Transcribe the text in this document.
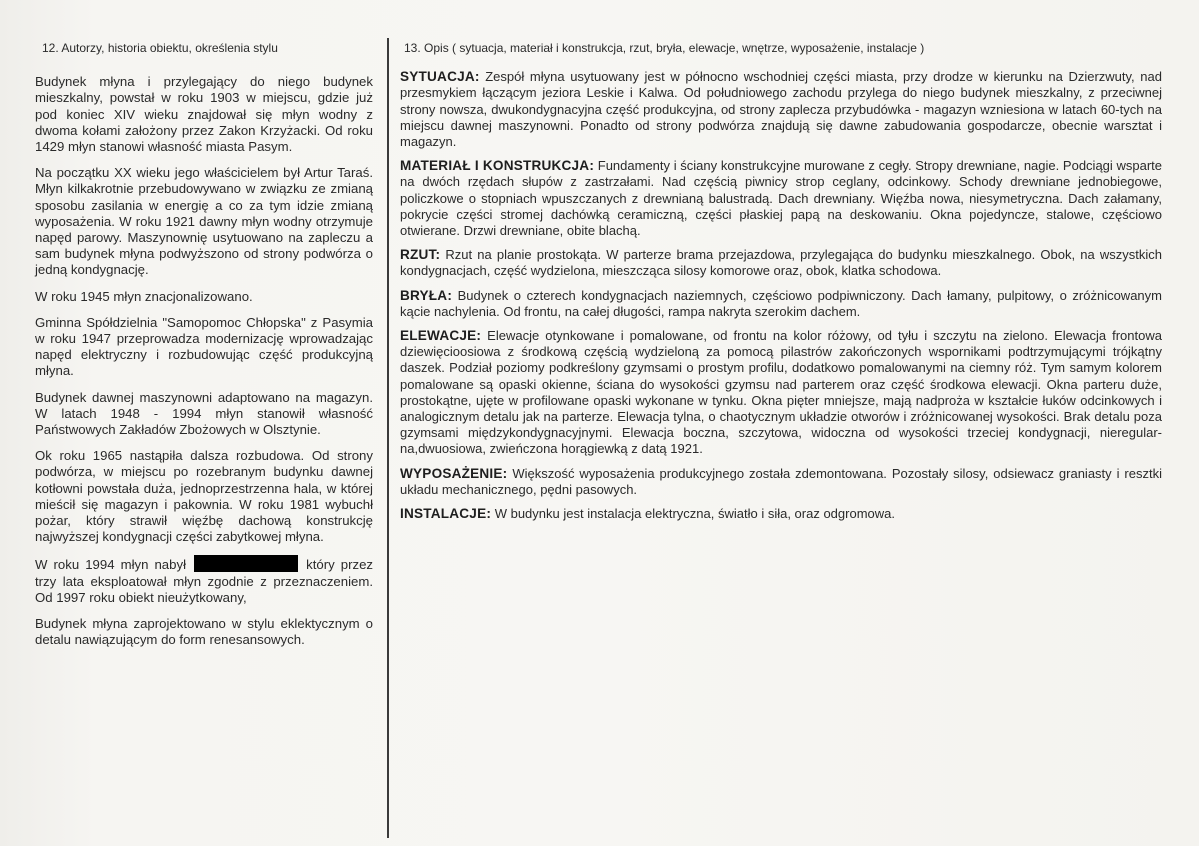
12. Autorzy, historia obiektu, określenia stylu

Budynek młyna i przylegający do niego budynek mieszkalny, powstał w roku 1903 w miejscu, gdzie już pod koniec XIV wieku znajdował się młyn wodny z dwoma kołami założony przez Zakon Krzyżacki. Od roku 1429 młyn stanowi własność miasta Pasym.

Na początku XX wieku jego właścicielem był Artur Taraś. Młyn kilkakrotnie przebudowywano w związku ze zmianą sposobu zasilania w energię a co za tym idzie zmianą wyposażenia. W roku 1921 dawny młyn wodny otrzymuje napęd parowy. Maszynownię usytuowano na zapleczu a sam budynek młyna podwyższono od strony podwórza o jedną kondygnację.

W roku 1945 młyn znacjonalizowano.

Gminna Spółdzielnia "Samopomoc Chłopska" z Pasymia w roku 1947 przeprowadza modernizację wprowadzając napęd elektryczny i rozbudowując część produkcyjną młyna.

Budynek dawnej maszynowni adaptowano na magazyn. W latach 1948 - 1994 młyn stanowił własność Państwowych Zakładów Zbożowych w Olsztynie.

Ok roku 1965 nastąpiła dalsza rozbudowa. Od strony podwórza, w miejscu po rozebranym budynku dawnej kotłowni powstała duża, jednoprzestrzenna hala, w której mieścił się magazyn i pakownia. W roku 1981 wybuchł pożar, który strawił więźbę dachową konstrukcję najwyższej kondygnacji części zabytkowej młyna.

W roku 1994 młyn nabył	który przez trzy lata eksploatował młyn zgodnie z przeznaczeniem. Od 1997 roku obiekt nieużytkowany,

Budynek młyna zaprojektowano w stylu eklektycznym o detalu nawiązującym do form renesansowych.

13. Opis ( sytuacja, materiał i konstrukcja, rzut, bryła, elewacje, wnętrze, wyposażenie, instalacje )

SYTUACJA: Zespół młyna usytuowany jest w północno wschodniej części miasta, przy drodze w kierunku na Dzierzwuty, nad przesmykiem łączącym jeziora Leskie i Kalwa. Od południowego zachodu przylega do niego budynek mieszkalny, z przeciwnej strony nowsza, dwukondygnacyjna część produkcyjna, od strony zaplecza przybudówka - magazyn wzniesiona w latach 60-tych na miejscu dawnej maszynowni. Ponadto od strony podwórza znajdują się dawne zabudowania gospodarcze, obecnie warsztat i magazyn.

MATERIAŁ I KONSTRUKCJA: Fundamenty i ściany konstrukcyjne murowane z cegły. Stropy drewniane, nagie. Podciągi wsparte na dwóch rzędach słupów z zastrzałami. Nad częścią piwnicy strop ceglany, odcinkowy. Schody drewniane jednobiegowe, policzkowe o stopniach wpuszczanych z drewnianą balustradą. Dach drewniany. Więźba nowa, niesymetryczna. Dach załamany, pokrycie części stromej dachówką ceramiczną, części płaskiej papą na deskowaniu. Okna pojedyncze, stalowe, częściowo otwierane. Drzwi drewniane, obite blachą.

RZUT: Rzut na planie prostokąta. W parterze brama przejazdowa, przylegająca do budynku mieszkalnego. Obok, na wszystkich kondygnacjach, część wydzielona, mieszcząca silosy komorowe oraz, obok, klatka schodowa.

BRYŁA: Budynek o czterech kondygnacjach naziemnych, częściowo podpiwniczony. Dach łamany, pulpitowy, o zróżnicowanym kącie nachylenia. Od frontu, na całej długości, rampa nakryta szerokim dachem.

ELEWACJE: Elewacje otynkowane i pomalowane, od frontu na kolor różowy, od tyłu i szczytu na zielono. Elewacja frontowa dziewięcioosiowa z środkową częścią wydzieloną za pomocą pilastrów zakończonych wspornikami podtrzymującymi trójkątny daszek. Podział poziomy podkreślony gzymsami o prostym profilu, dodatkowo pomalowanymi na ciemny róż. Tym samym kolorem pomalowane są opaski okienne, ściana do wysokości gzymsu nad parterem oraz część środkowa elewacji. Okna parteru duże, prostokątne, ujęte w profilowane opaski wykonane w tynku. Okna pięter mniejsze, mają nadproża w kształcie łuków odcinkowych i analogicznym detalu jak na parterze. Elewacja tylna, o chaotycznym układzie otworów i zróżnicowanej wysokości. Brak detalu poza gzymsami międzykondygnacyjnymi. Elewacja boczna, szczytowa, widoczna od wysokości trzeciej kondygnacji, nieregular-na,dwuosiowa, zwieńczona horągiewką z datą 1921.

WYPOSAŻENIE: Większość wyposażenia produkcyjnego została zdemontowana. Pozostały silosy, odsiewacz graniasty i resztki układu mechanicznego, pędni pasowych.

INSTALACJE: W budynku jest instalacja elektryczna, światło i siła, oraz odgromowa.
